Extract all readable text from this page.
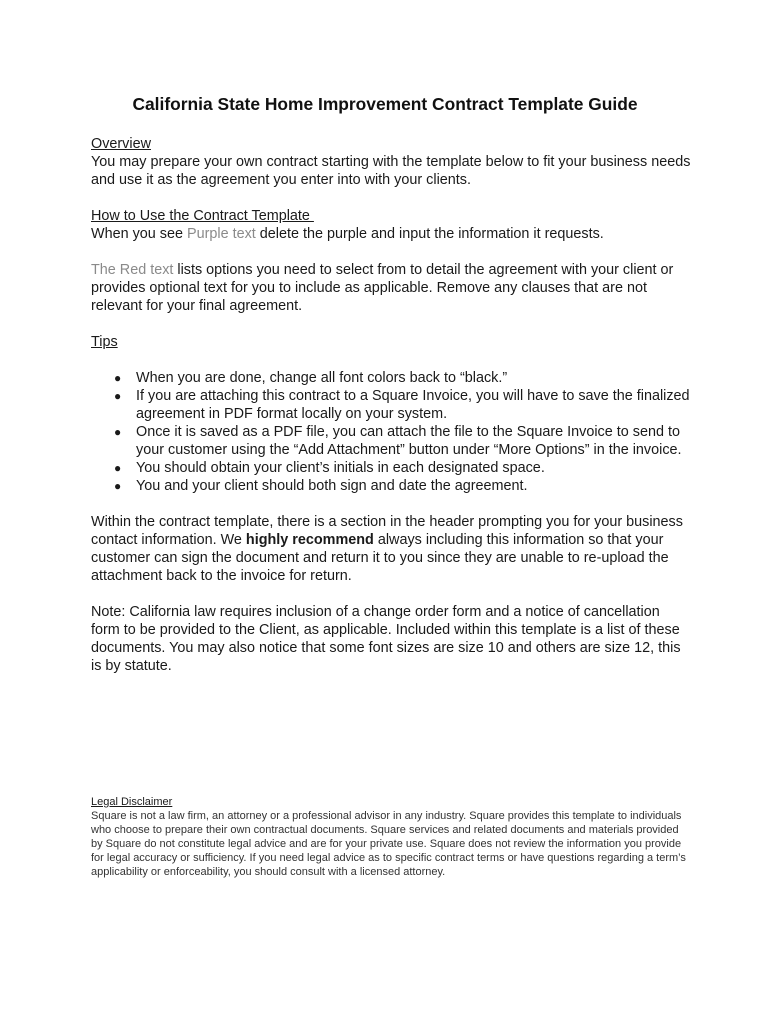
California State Home Improvement Contract Template Guide

Overview

You may prepare your own contract starting with the template below to fit your business needs and use it as the agreement you enter into with your clients.

How to Use the Contract Template

When you see Purple text delete the purple and input the information it requests.

The Red text lists options you need to select from to detail the agreement with your client or provides optional text for you to include as applicable. Remove any clauses that are not relevant for your final agreement.

Tips

● When you are done, change all font colors back to “black.”
● If you are attaching this contract to a Square Invoice, you will have to save the finalized agreement in PDF format locally on your system.
● Once it is saved as a PDF file, you can attach the file to the Square Invoice to send to your customer using the “Add Attachment” button under “More Options” in the invoice.
● You should obtain your client’s initials in each designated space.
● You and your client should both sign and date the agreement.

Within the contract template, there is a section in the header prompting you for your business contact information. We highly recommend always including this information so that your customer can sign the document and return it to you since they are unable to re-upload the attachment back to the invoice for return.

Note: California law requires inclusion of a change order form and a notice of cancellation form to be provided to the Client, as applicable. Included within this template is a list of these documents. You may also notice that some font sizes are size 10 and others are size 12, this is by statute.

Legal Disclaimer
Square is not a law firm, an attorney or a professional advisor in any industry. Square provides this template to individuals who choose to prepare their own contractual documents. Square services and related documents and materials provided by Square do not constitute legal advice and are for your private use. Square does not review the information you provide for legal accuracy or sufficiency. If you need legal advice as to specific contract terms or have questions regarding a term’s applicability or enforceability, you should consult with a licensed attorney.
